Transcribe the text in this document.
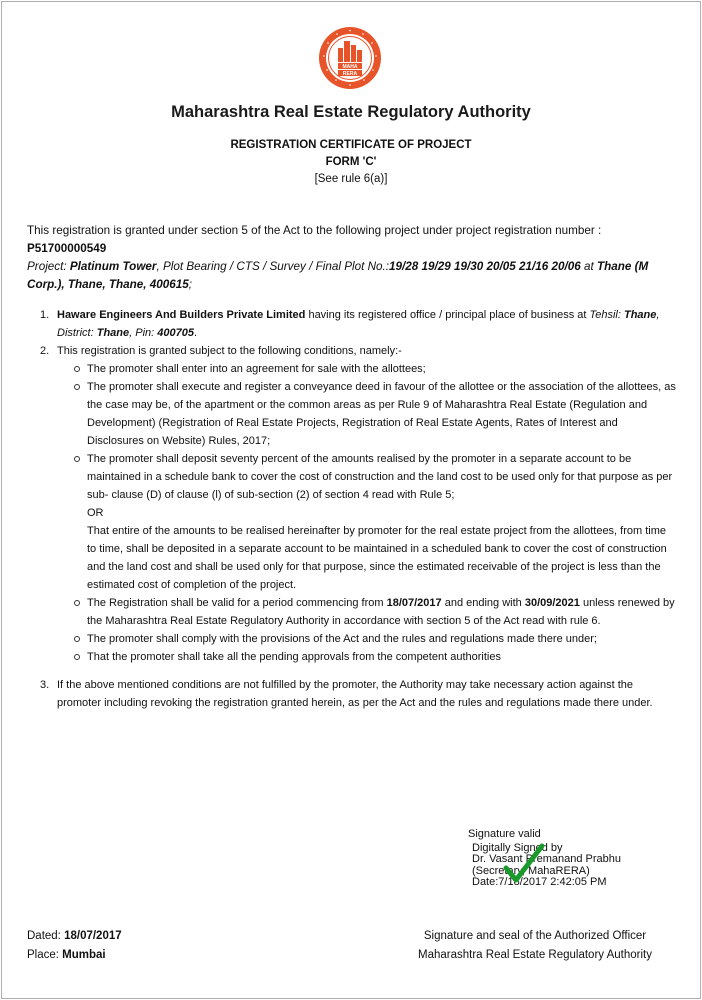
MAHA
RERA
Maharashtra Real Estate Regulatory Authority
REGISTRATION CERTIFICATE OF PROJECT
FORM 'C'
[See rule 6(a)]
This registration is granted under section 5 of the Act to the following project under project registration number :
P51700000549
Project: Platinum Tower, Plot Bearing / CTS / Survey / Final Plot No.:19/28 19/29 19/30 20/05 21/16 20/06 at Thane (M Corp.), Thane, Thane, 400615;
1. Haware Engineers And Builders Private Limited having its registered office / principal place of business at Tehsil: Thane, District: Thane, Pin: 400705.
2. This registration is granted subject to the following conditions, namely:-
The promoter shall enter into an agreement for sale with the allottees;
The promoter shall execute and register a conveyance deed in favour of the allottee or the association of the allottees, as the case may be, of the apartment or the common areas as per Rule 9 of Maharashtra Real Estate (Regulation and Development) (Registration of Real Estate Projects, Registration of Real Estate Agents, Rates of Interest and Disclosures on Website) Rules, 2017;
The promoter shall deposit seventy percent of the amounts realised by the promoter in a separate account to be maintained in a schedule bank to cover the cost of construction and the land cost to be used only for that purpose as per sub- clause (D) of clause (l) of sub-section (2) of section 4 read with Rule 5;
OR
That entire of the amounts to be realised hereinafter by promoter for the real estate project from the allottees, from time to time, shall be deposited in a separate account to be maintained in a scheduled bank to cover the cost of construction and the land cost and shall be used only for that purpose, since the estimated receivable of the project is less than the estimated cost of completion of the project.
The Registration shall be valid for a period commencing from 18/07/2017 and ending with 30/09/2021 unless renewed by the Maharashtra Real Estate Regulatory Authority in accordance with section 5 of the Act read with rule 6.
The promoter shall comply with the provisions of the Act and the rules and regulations made there under;
That the promoter shall take all the pending approvals from the competent authorities
3. If the above mentioned conditions are not fulfilled by the promoter, the Authority may take necessary action against the promoter including revoking the registration granted herein, as per the Act and the rules and regulations made there under.
Signature valid
Digitally Signed by
Dr. Vasant Premanand Prabhu
(Secretary, MahaRERA)
Date:7/18/2017 2:42:05 PM
Dated: 18/07/2017
Place: Mumbai
Signature and seal of the Authorized Officer
Maharashtra Real Estate Regulatory Authority
